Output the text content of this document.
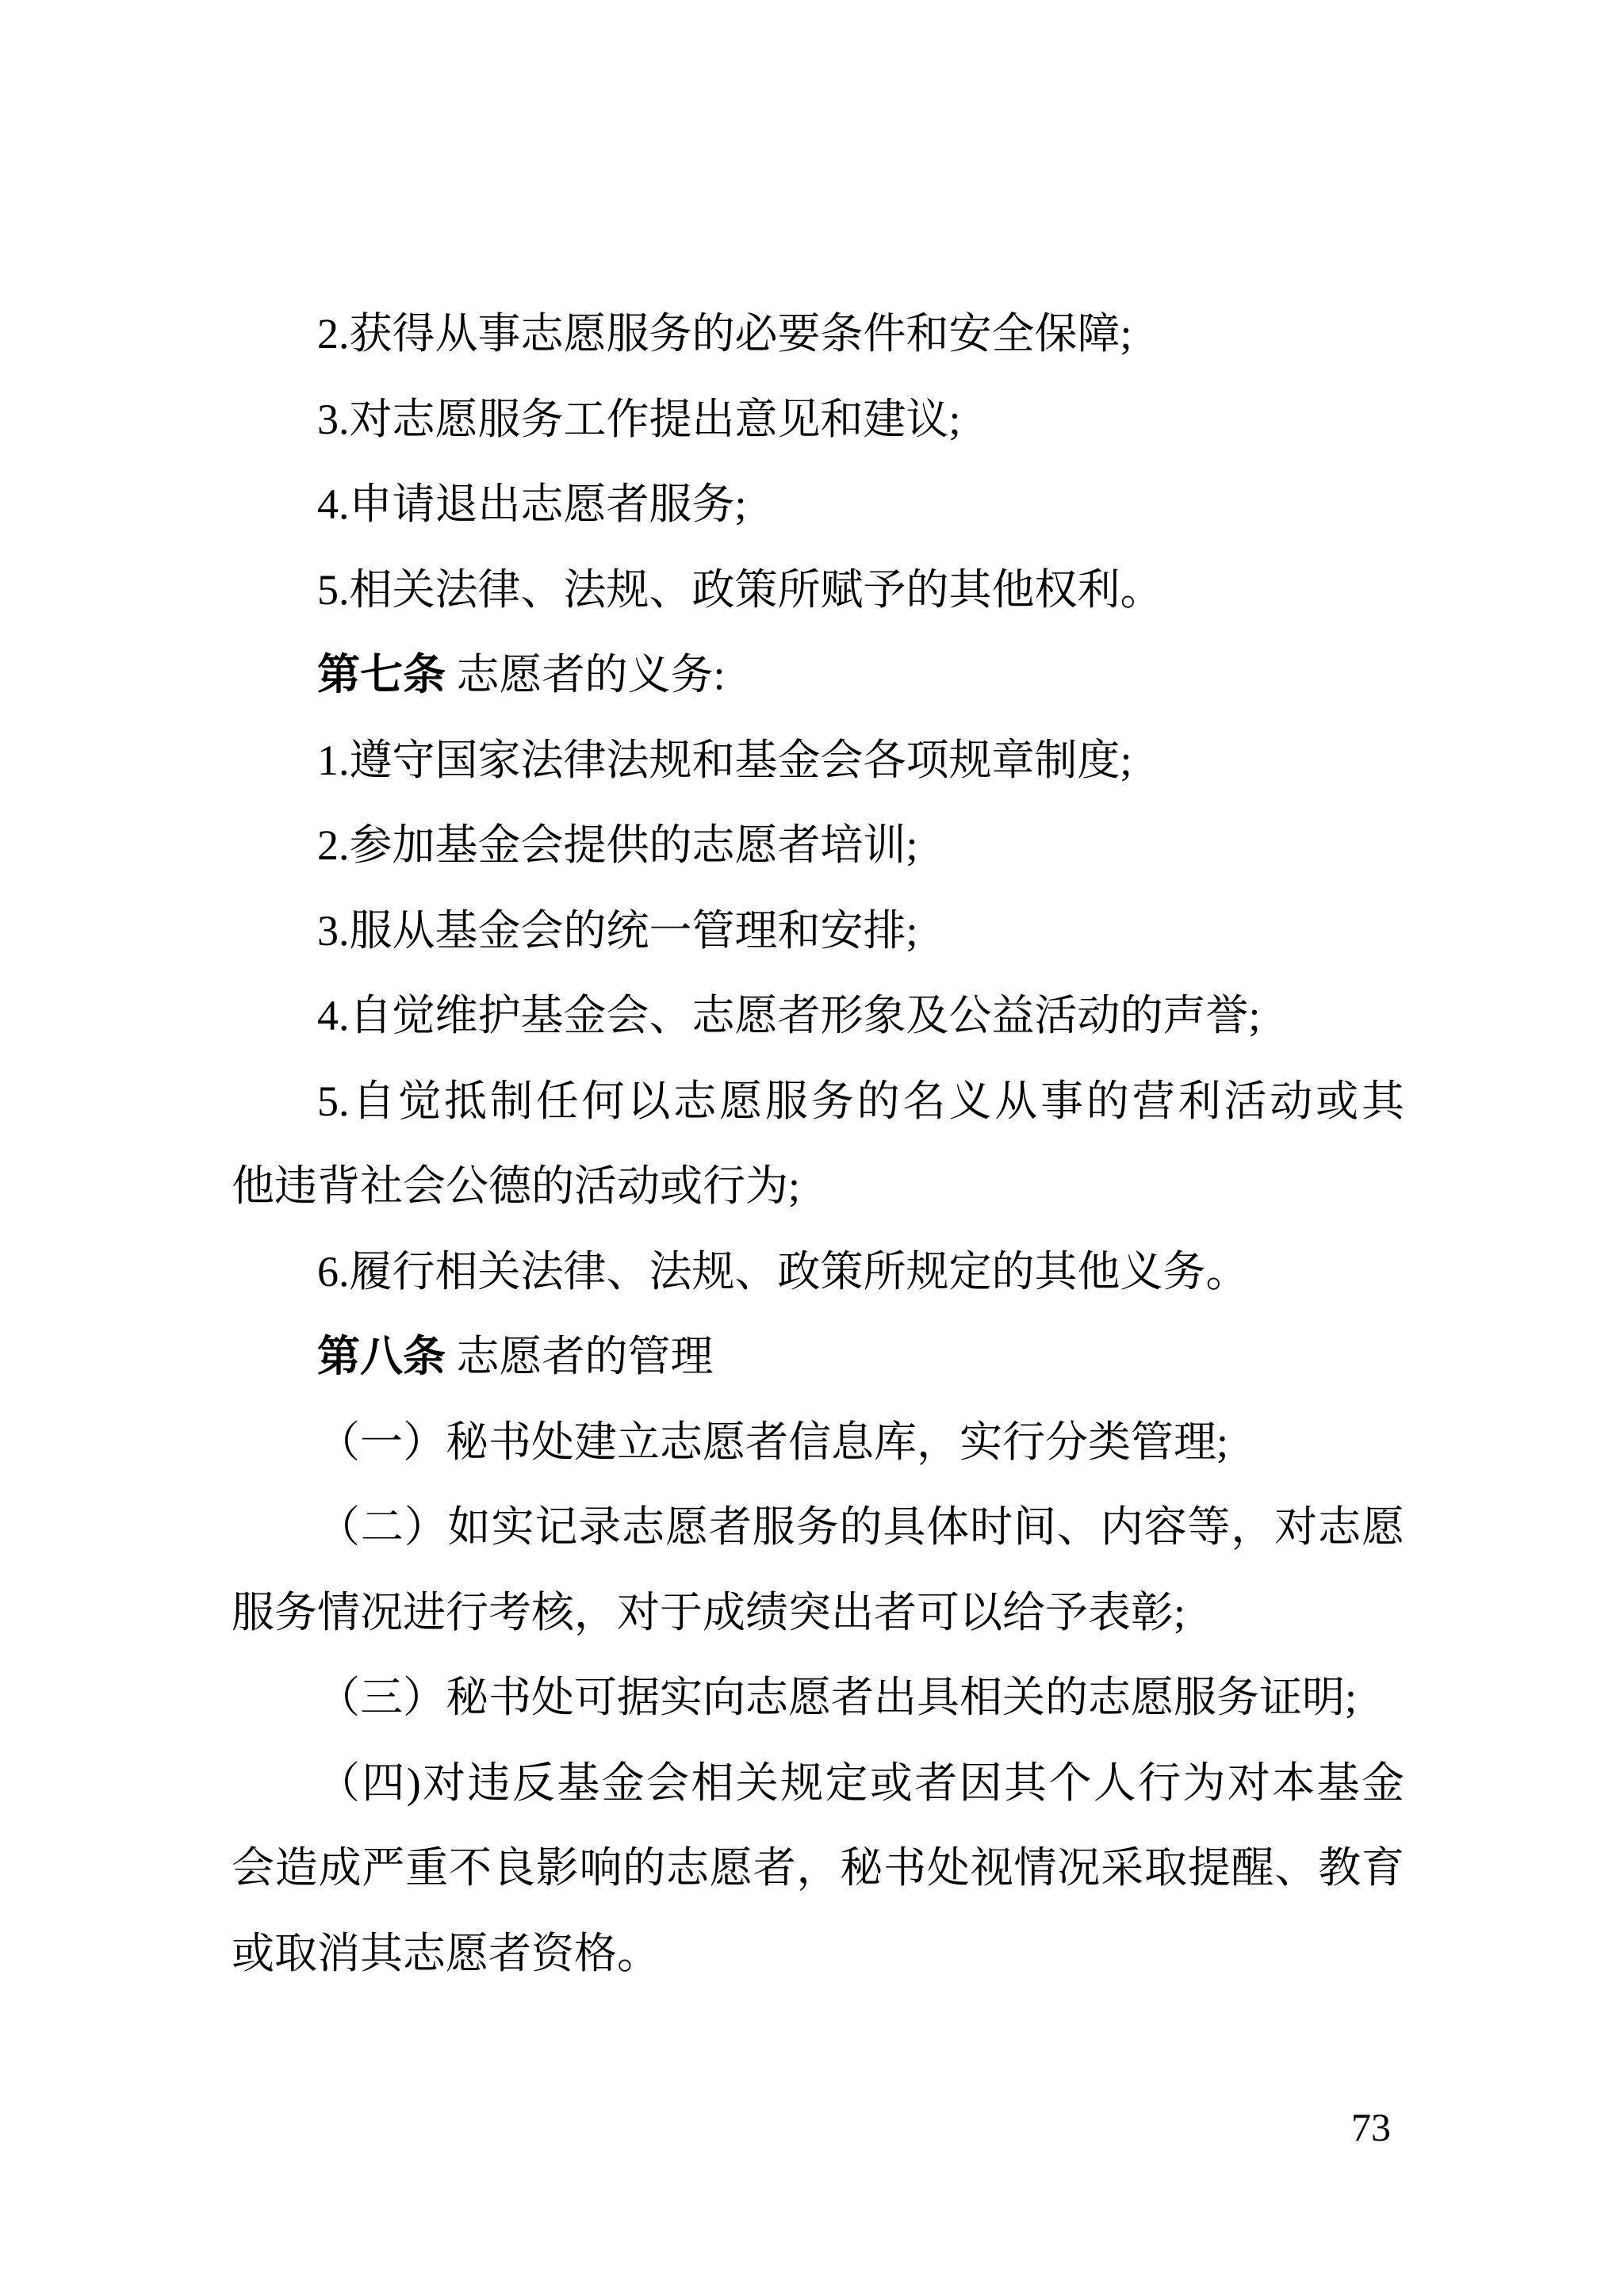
2.获得从事志愿服务的必要条件和安全保障;

3.对志愿服务工作提出意见和建议;

4.申请退出志愿者服务;

5.相关法律、法规、政策所赋予的其他权利。

第七条 志愿者的义务:

1.遵守国家法律法规和基金会各项规章制度;

2.参加基金会提供的志愿者培训;

3.服从基金会的统一管理和安排;

4.自觉维护基金会、志愿者形象及公益活动的声誉;

5.自觉抵制任何以志愿服务的名义从事的营利活动或其

他违背社会公德的活动或行为;

6.履行相关法律、法规、政策所规定的其他义务。

第八条 志愿者的管理

（一）秘书处建立志愿者信息库，实行分类管理;

（二）如实记录志愿者服务的具体时间、内容等，对志愿

服务情况进行考核，对于成绩突出者可以给予表彰;

（三）秘书处可据实向志愿者出具相关的志愿服务证明;

（四)对违反基金会相关规定或者因其个人行为对本基金

会造成严重不良影响的志愿者，秘书处视情况采取提醒、教育

或取消其志愿者资格。

73
